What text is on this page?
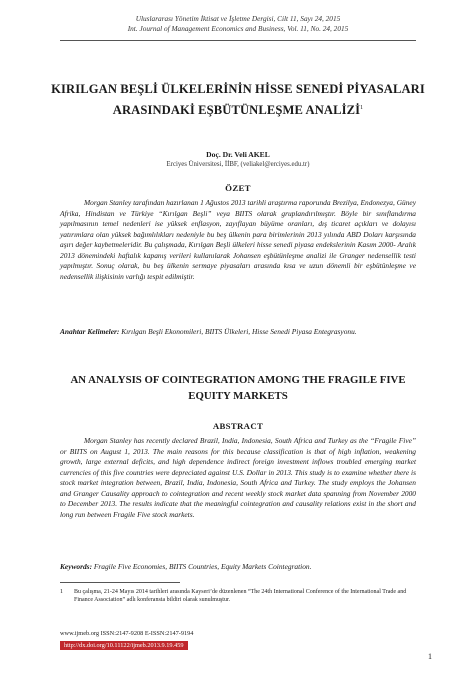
Uluslararası Yönetim İktisat ve İşletme Dergisi, Cilt 11, Sayı 24, 2015
Int. Journal of Management Economics and Business, Vol. 11, No. 24, 2015
KIRILGAN BEŞLİ ÜLKELERİNİN HİSSE SENEDİ PİYASALARI
ARASINDAKİ EŞBÜTÜNLEŞME ANALİZİ$^1$
Doç. Dr. Veli AKEL
Erciyes Üniversitesi, İİBF, (veliakel@erciyes.edu.tr)
ÖZET
Morgan Stanley tarafından hazırlanan 1 Ağustos 2013 tarihli araştırma raporunda Brezilya, Endonezya, Güney Afrika, Hindistan ve Türkiye “Kırılgan Beşli” veya BIITS olarak gruplandırılmıştır. Böyle bir sınıflandırma yapılmasının temel nedenleri ise yüksek enflasyon, zayıflayan büyüme oranları, dış ticaret açıkları ve dolayısı yatırımlara olan yüksek bağımlılıkları nedeniyle bu beş ülkenin para birimlerinin 2013 yılında ABD Doları karşısında aşırı değer kaybetmeleridir. Bu çalışmada, Kırılgan Beşli ülkeleri hisse senedi piyasa endekslerinin Kasım 2000- Aralık 2013 dönemindeki haftalık kapanış verileri kullanılarak Johansen eşbütünleşme analizi ile Granger nedensellik testi yapılmıştır. Sonuç olarak, bu beş ülkenin sermaye piyasaları arasında kısa ve uzun dönemli bir eşbütünleşme ve nedensellik ilişkisinin varlığı tespit edilmiştir.
Anahtar Kelimeler: Kırılgan Beşli Ekonomileri, BIITS Ülkeleri, Hisse Senedi Piyasa Entegrasyonu.
AN ANALYSIS OF COINTEGRATION AMONG THE FRAGILE FIVE
EQUITY MARKETS
ABSTRACT
Morgan Stanley has recently declared Brazil, India, Indonesia, South Africa and Turkey as the “Fragile Five” or BIITS on August 1, 2013. The main reasons for this because classification is that of high inflation, weakening growth, large external deficits, and high dependence indirect foreign investment inflows troubled emerging market currencies of this five countries were depreciated against U.S. Dollar in 2013. This study is to examine whether there is stock market integration between, Brazil, India, Indonesia, South Africa and Turkey. The study employs the Johansen and Granger Causality approach to cointegration and recent weekly stock market data spanning from November 2000 to December 2013. The results indicate that the meaningful cointegration and causality relations exist in the short and long run between Fragile Five stock markets.
Keywords: Fragile Five Economies, BIITS Countries, Equity Markets Cointegration.
1	Bu çalışma, 21-24 Mayıs 2014 tarihleri arasında Kayseri’de düzenlenen “The 24th International Conference of the International Trade and Finance Association” adlı konferansta bildiri olarak sunulmuştur.
www.ijmeb.org ISSN:2147-9208 E-ISSN:2147-9194
http://dx.doi.org/10.11122/ijmeb.2013.9.19.459
1
